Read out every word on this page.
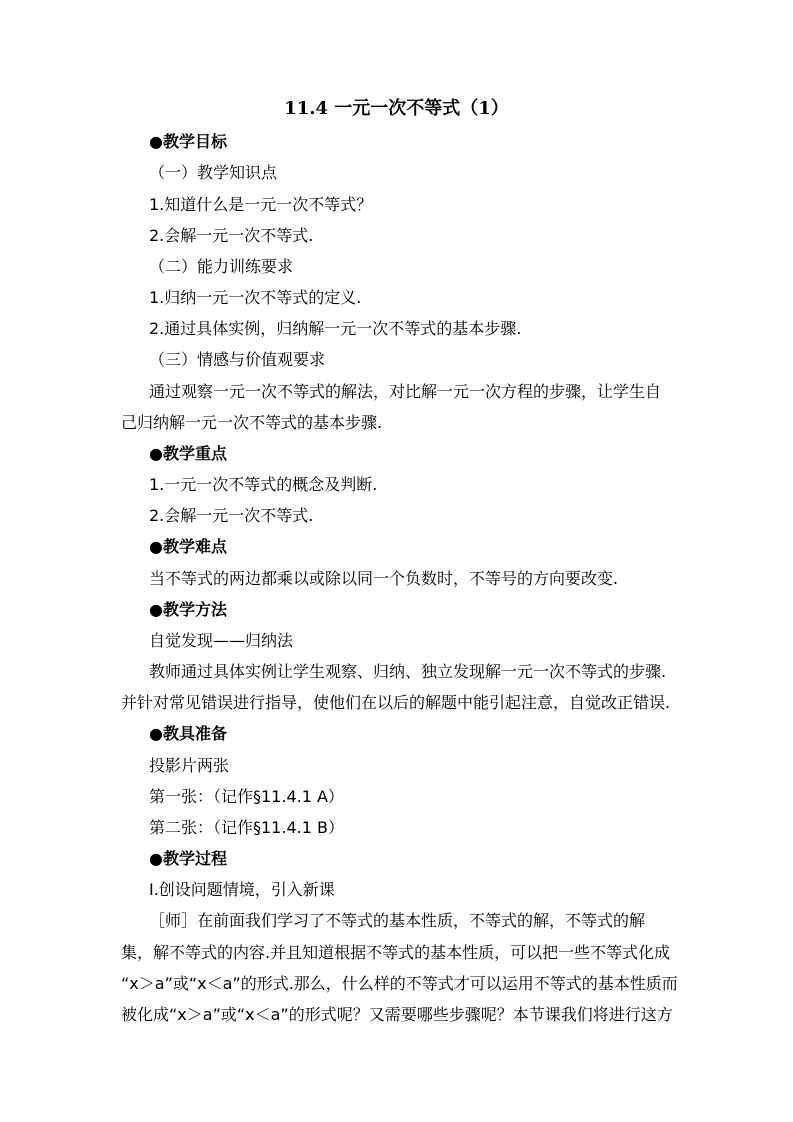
11.4 一元一次不等式（1）
●教学目标
（一）教学知识点
1.知道什么是一元一次不等式？
2.会解一元一次不等式.
（二）能力训练要求
1.归纳一元一次不等式的定义.
2.通过具体实例，归纳解一元一次不等式的基本步骤.
（三）情感与价值观要求
通过观察一元一次不等式的解法，对比解一元一次方程的步骤，让学生自
己归纳解一元一次不等式的基本步骤.
●教学重点
1.一元一次不等式的概念及判断.
2.会解一元一次不等式.
●教学难点
当不等式的两边都乘以或除以同一个负数时，不等号的方向要改变.
●教学方法
自觉发现——归纳法
教师通过具体实例让学生观察、归纳、独立发现解一元一次不等式的步骤.
并针对常见错误进行指导，使他们在以后的解题中能引起注意，自觉改正错误.
●教具准备
投影片两张
第一张：（记作§11.4.1 A）
第二张：（记作§11.4.1 B）
●教学过程
Ⅰ.创设问题情境，引入新课
［师］在前面我们学习了不等式的基本性质，不等式的解，不等式的解
集，解不等式的内容.并且知道根据不等式的基本性质，可以把一些不等式化成
“x＞a”或“x＜a”的形式.那么，什么样的不等式才可以运用不等式的基本性质而
被化成“x＞a”或“x＜a”的形式呢？又需要哪些步骤呢？本节课我们将进行这方
